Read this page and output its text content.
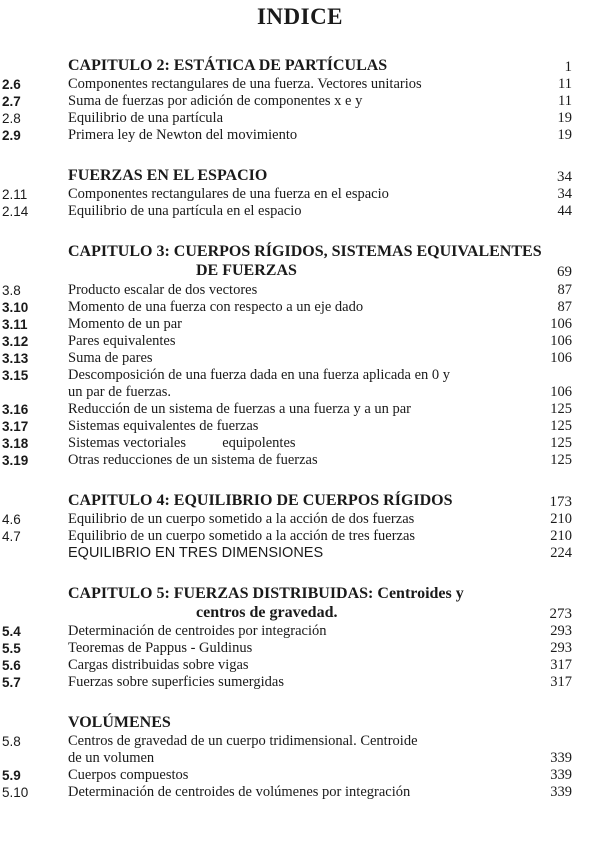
INDICE
CAPITULO 2: ESTÁTICA DE PARTÍCULAS	1
2.6	Componentes rectangulares de una fuerza. Vectores unitarios	11
2.7	Suma de fuerzas por adición de componentes x e y	11
2.8	Equilibrio de una partícula	19
2.9	Primera ley de Newton del movimiento	19
FUERZAS EN EL ESPACIO	34
2.11	Componentes rectangulares de una fuerza en el espacio	34
2.14	Equilibrio de una partícula en el espacio	44
CAPITULO 3: CUERPOS RÍGIDOS, SISTEMAS EQUIVALENTES
DE FUERZAS	69
3.8	Producto escalar de dos vectores	87
3.10	Momento de una fuerza con respecto a un eje dado	87
3.11	Momento de un par	106
3.12	Pares equivalentes	106
3.13	Suma de pares	106
3.15	Descomposición de una fuerza dada en una fuerza aplicada en 0 y
un par de fuerzas.	106
3.16	Reducción de un sistema de fuerzas a una fuerza y a un par	125
3.17	Sistemas equivalentes de fuerzas	125
3.18	Sistemas vectoriales          equipolentes	125
3.19	Otras reducciones de un sistema de fuerzas	125
CAPITULO 4: EQUILIBRIO DE CUERPOS RÍGIDOS	173
4.6	Equilibrio de un cuerpo sometido a la acción de dos fuerzas	210
4.7	Equilibrio de un cuerpo sometido a la acción de tres fuerzas	210
EQUILIBRIO EN TRES DIMENSIONES	224
CAPITULO 5: FUERZAS DISTRIBUIDAS: Centroides y
centros de gravedad.	273
5.4	Determinación de centroides por integración	293
5.5	Teoremas de Pappus - Guldinus	293
5.6	Cargas distribuidas sobre vigas	317
5.7	Fuerzas sobre superficies sumergidas	317
VOLÚMENES
5.8	Centros de gravedad de un cuerpo tridimensional. Centroide
de un volumen	339
5.9	Cuerpos compuestos	339
5.10	Determinación de centroides de volúmenes por integración	339
